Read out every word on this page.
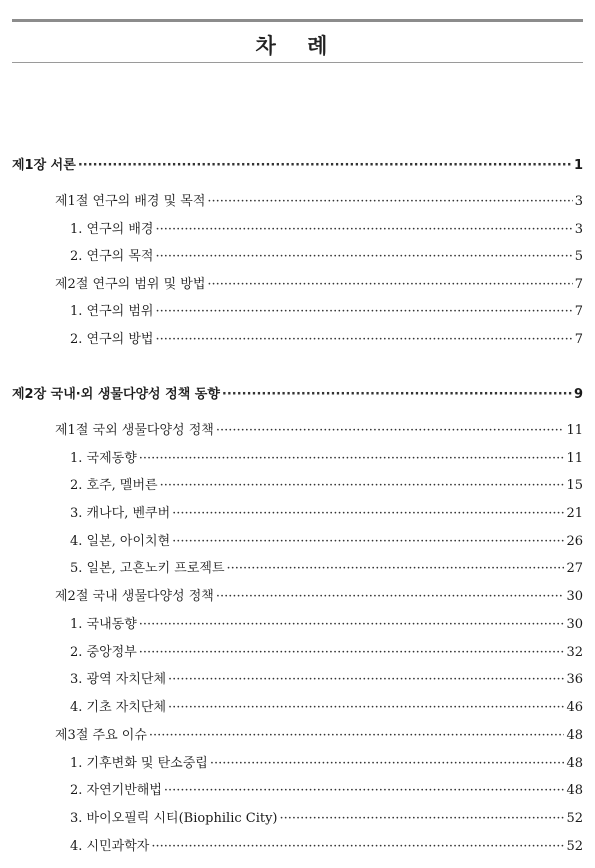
차 례
제1장 서론 ·····	1
제1절 연구의 배경 및 목적 ·····	3
1. 연구의 배경 ·····	3
2. 연구의 목적 ·····	5
제2절 연구의 범위 및 방법 ·····	7
1. 연구의 범위 ·····	7
2. 연구의 방법 ·····	7
제2장 국내·외 생물다양성 정책 동향 ·····	9
제1절 국외 생물다양성 정책 ·····	11
1. 국제동향 ·····	11
2. 호주, 멜버른 ·····	15
3. 캐나다, 벤쿠버 ·····	21
4. 일본, 아이치현 ·····	26
5. 일본, 고흔노키 프로젝트 ·····	27
제2절 국내 생물다양성 정책 ·····	30
1. 국내동향 ·····	30
2. 중앙정부 ·····	32
3. 광역 자치단체 ·····	36
4. 기초 자치단체 ·····	46
제3절 주요 이슈 ·····	48
1. 기후변화 및 탄소중립 ·····	48
2. 자연기반해법 ·····	48
3. 바이오필릭 시티(Biophilic City) ·····	52
4. 시민과학자 ·····	52
